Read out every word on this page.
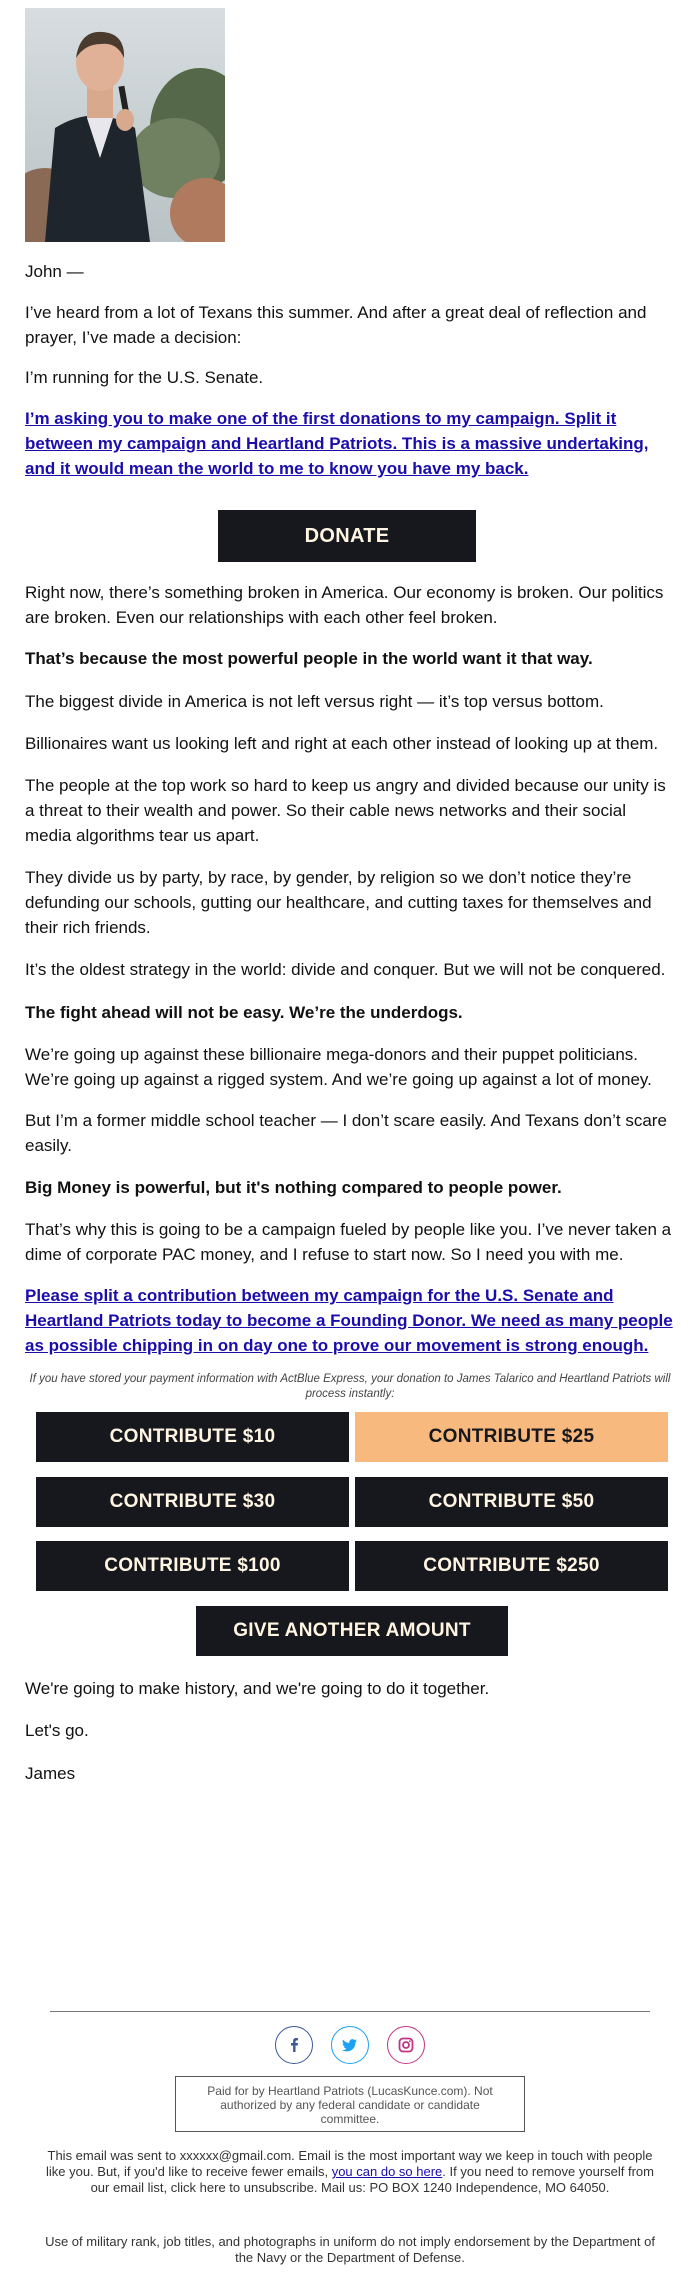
John —

I’ve heard from a lot of Texans this summer. And after a great deal of reflection and prayer, I’ve made a decision:

I’m running for the U.S. Senate.

I’m asking you to make one of the first donations to my campaign. Split it between my campaign and Heartland Patriots. This is a massive undertaking, and it would mean the world to me to know you have my back.

DONATE

Right now, there’s something broken in America. Our economy is broken. Our politics are broken. Even our relationships with each other feel broken.

That’s because the most powerful people in the world want it that way.

The biggest divide in America is not left versus right — it’s top versus bottom.

Billionaires want us looking left and right at each other instead of looking up at them.

The people at the top work so hard to keep us angry and divided because our unity is a threat to their wealth and power. So their cable news networks and their social media algorithms tear us apart.

They divide us by party, by race, by gender, by religion so we don’t notice they’re defunding our schools, gutting our healthcare, and cutting taxes for themselves and their rich friends.

It’s the oldest strategy in the world: divide and conquer. But we will not be conquered.

The fight ahead will not be easy. We’re the underdogs.

We’re going up against these billionaire mega-donors and their puppet politicians. We’re going up against a rigged system. And we’re going up against a lot of money.

But I’m a former middle school teacher — I don’t scare easily. And Texans don’t scare easily.

Big Money is powerful, but it's nothing compared to people power.

That’s why this is going to be a campaign fueled by people like you. I’ve never taken a dime of corporate PAC money, and I refuse to start now. So I need you with me.

Please split a contribution between my campaign for the U.S. Senate and Heartland Patriots today to become a Founding Donor. We need as many people as possible chipping in on day one to prove our movement is strong enough.

If you have stored your payment information with ActBlue Express, your donation to James Talarico and Heartland Patriots will process instantly:
CONTRIBUTE $10	CONTRIBUTE $25
CONTRIBUTE $30	CONTRIBUTE $50
CONTRIBUTE $100	CONTRIBUTE $250
GIVE ANOTHER AMOUNT

We're going to make history, and we're going to do it together.

Let's go.

James

Paid for by Heartland Patriots (LucasKunce.com). Not authorized by any federal candidate or candidate committee.
This email was sent to xxxxxx@gmail.com. Email is the most important way we keep in touch with people like you. But, if you'd like to receive fewer emails, you can do so here. If you need to remove yourself from our email list, click here to unsubscribe. Mail us: PO BOX 1240 Independence, MO 64050.
Use of military rank, job titles, and photographs in uniform do not imply endorsement by the Department of the Navy or the Department of Defense.
